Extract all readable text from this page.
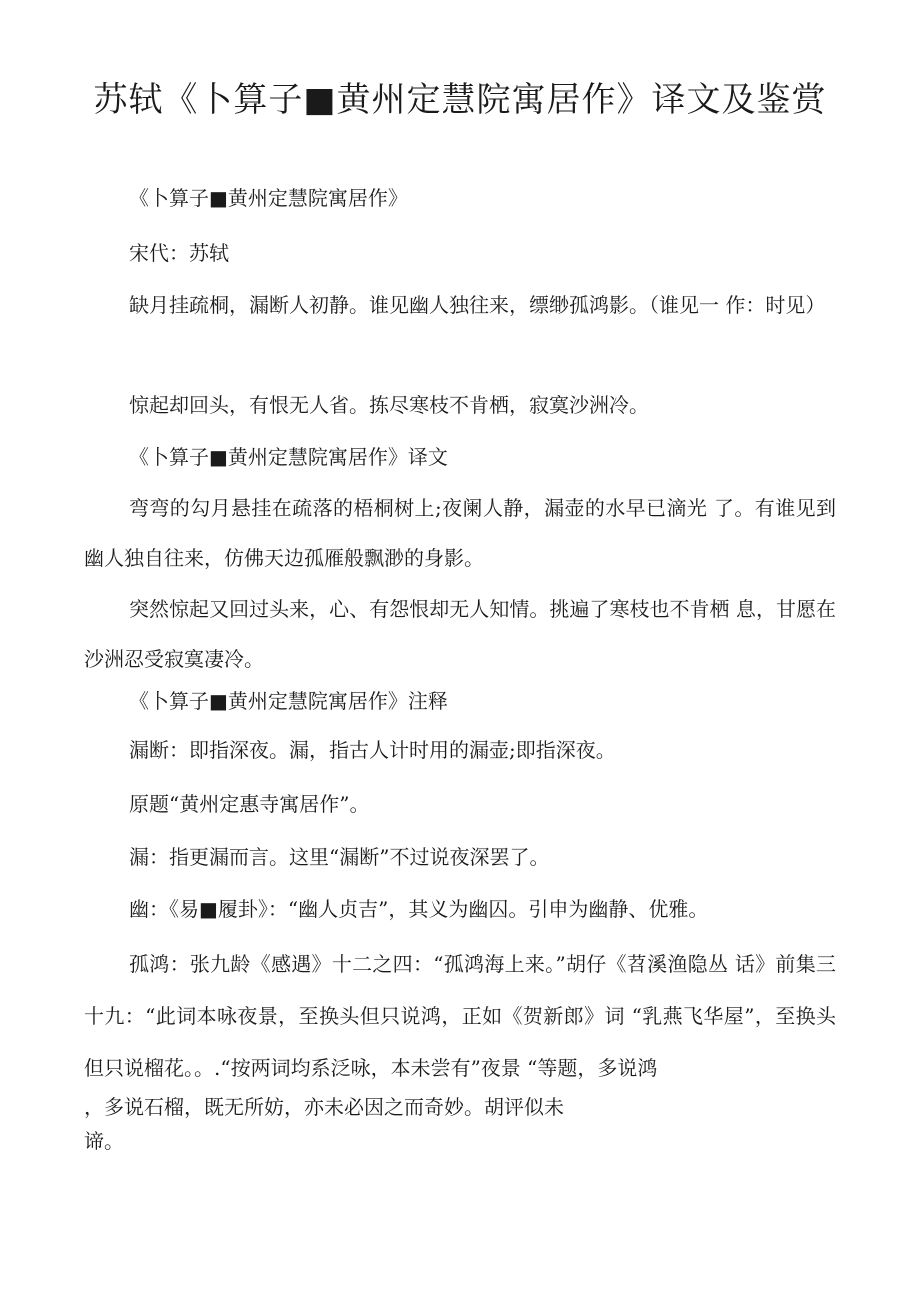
苏轼《卜算子■黄州定慧院寓居作》译文及鉴赏

《卜算子■黄州定慧院寓居作》

宋代：苏轼

缺月挂疏桐，漏断人初静。谁见幽人独往来，缥缈孤鸿影。（谁见一 作：时见）

惊起却回头，有恨无人省。拣尽寒枝不肯栖，寂寞沙洲冷。

《卜算子■黄州定慧院寓居作》译文

弯弯的勾月悬挂在疏落的梧桐树上;夜阑人静，漏壶的水早已滴光 了。有谁见到幽人独自往来，仿佛天边孤雁般飘渺的身影。

突然惊起又回过头来，心、有怨恨却无人知情。挑遍了寒枝也不肯栖 息，甘愿在沙洲忍受寂寞凄冷。

《卜算子■黄州定慧院寓居作》注释

漏断：即指深夜。漏，指古人计时用的漏壶;即指深夜。

原题“黄州定惠寺寓居作”。

漏：指更漏而言。这里“漏断”不过说夜深罢了。

幽：《易■履卦》：“幽人贞吉”，其义为幽囚。引申为幽静、优雅。

孤鸿：张九龄《感遇》十二之四：“孤鸿海上来。”胡仔《苕溪渔隐丛 话》前集三十九：“此词本咏夜景，至换头但只说鸿，正如《贺新郎》词 “乳燕飞华屋”，至换头但只说榴花。。.“按两词均系泛咏，本未尝有”夜景 “等题，多说鸿

，多说石榴，既无所妨，亦未必因之而奇妙。胡评似未

谛。
